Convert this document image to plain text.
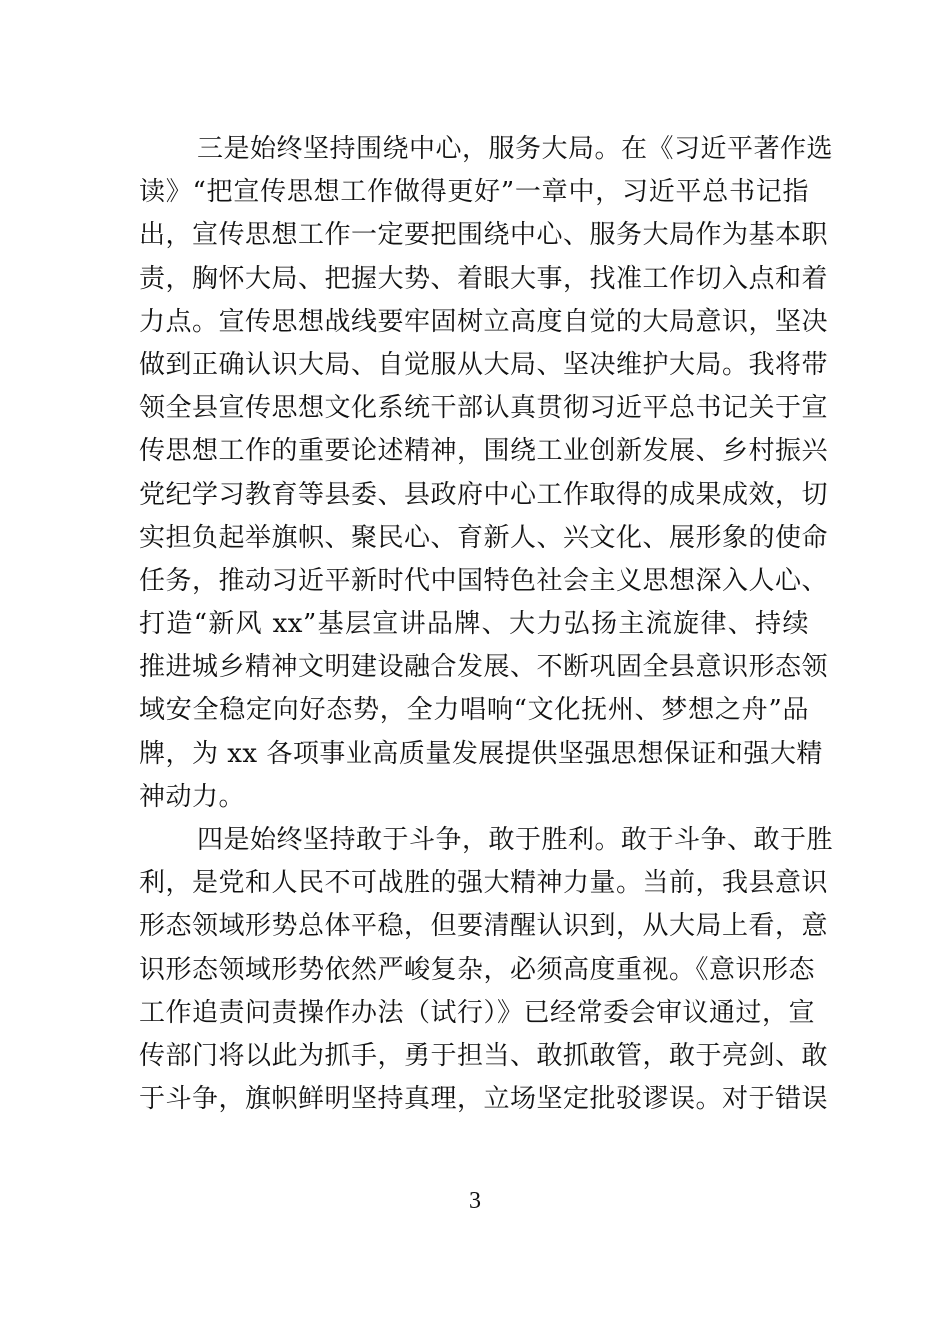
三是始终坚持围绕中心，服务大局。在《习近平著作选
读》“把宣传思想工作做得更好”一章中，习近平总书记指
出，宣传思想工作一定要把围绕中心、服务大局作为基本职
责，胸怀大局、把握大势、着眼大事，找准工作切入点和着
力点。宣传思想战线要牢固树立高度自觉的大局意识，坚决
做到正确认识大局、自觉服从大局、坚决维护大局。我将带
领全县宣传思想文化系统干部认真贯彻习近平总书记关于宣
传思想工作的重要论述精神，围绕工业创新发展、乡村振兴
党纪学习教育等县委、县政府中心工作取得的成果成效，切
实担负起举旗帜、聚民心、育新人、兴文化、展形象的使命
任务，推动习近平新时代中国特色社会主义思想深入人心、
打造“新风 xx”基层宣讲品牌、大力弘扬主流旋律、持续
推进城乡精神文明建设融合发展、不断巩固全县意识形态领
域安全稳定向好态势，全力唱响“文化抚州、梦想之舟”品
牌，为 xx 各项事业高质量发展提供坚强思想保证和强大精
神动力。
四是始终坚持敢于斗争，敢于胜利。敢于斗争、敢于胜
利，是党和人民不可战胜的强大精神力量。当前，我县意识
形态领域形势总体平稳，但要清醒认识到，从大局上看，意
识形态领域形势依然严峻复杂，必须高度重视。《意识形态
工作追责问责操作办法（试行）》已经常委会审议通过，宣
传部门将以此为抓手，勇于担当、敢抓敢管，敢于亮剑、敢
于斗争，旗帜鲜明坚持真理，立场坚定批驳谬误。对于错误
3
